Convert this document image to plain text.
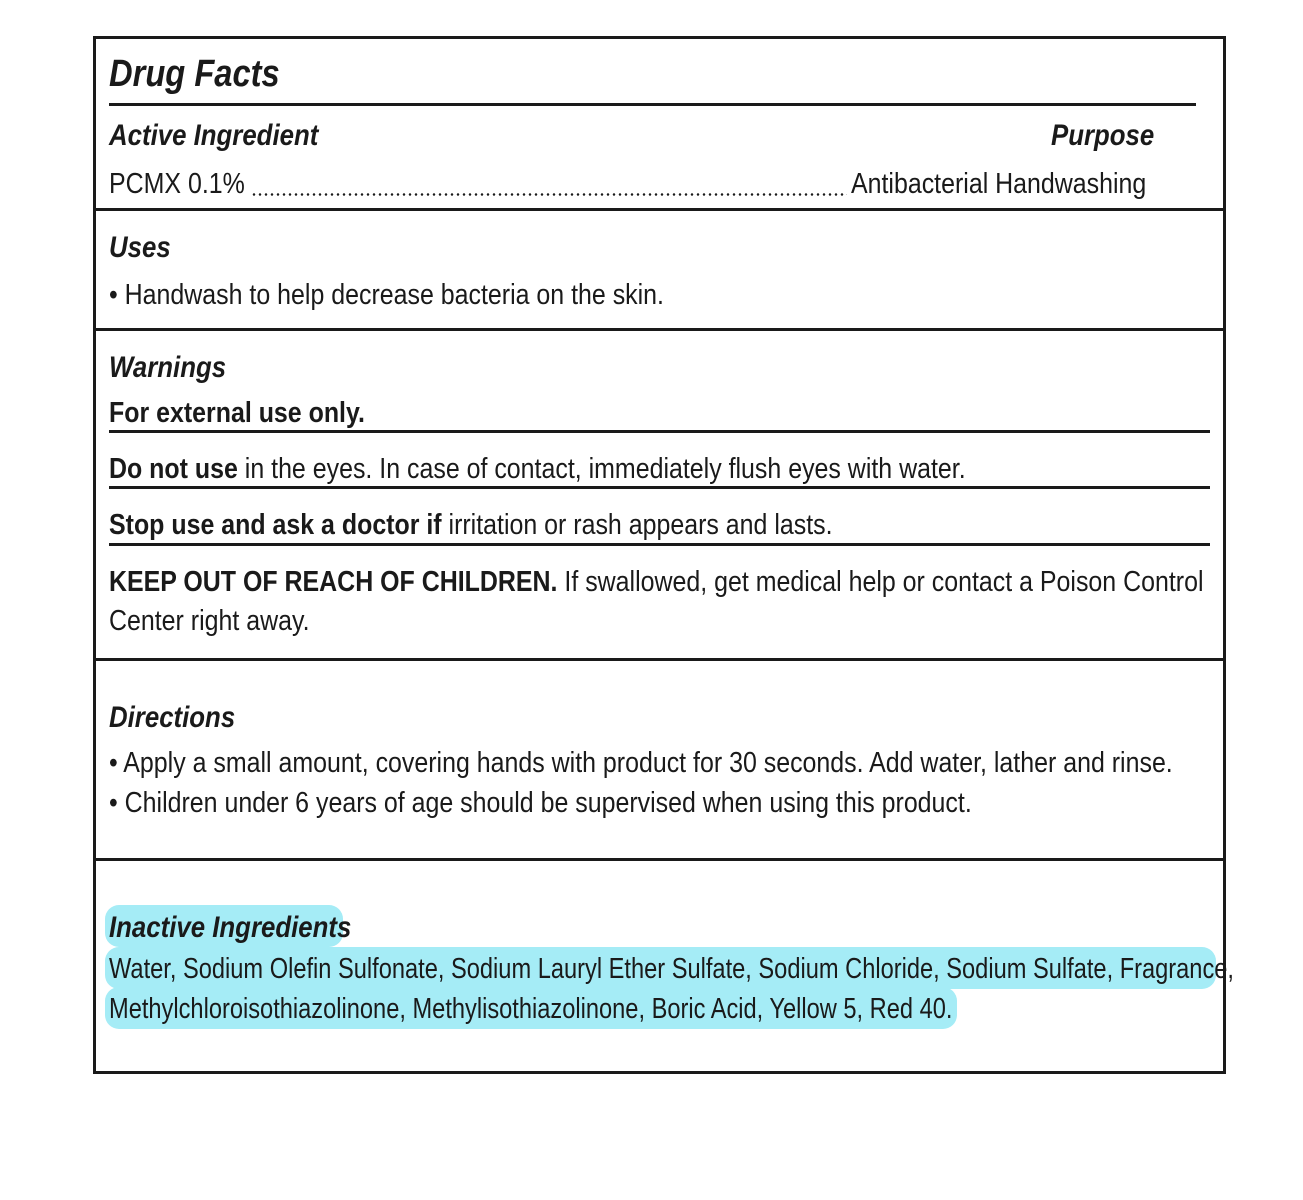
Drug Facts
Active Ingredient	Purpose
PCMX 0.1%	Antibacterial Handwashing
Uses
• Handwash to help decrease bacteria on the skin.
Warnings
For external use only.
Do not use in the eyes. In case of contact, immediately flush eyes with water.
Stop use and ask a doctor if irritation or rash appears and lasts.
KEEP OUT OF REACH OF CHILDREN. If swallowed, get medical help or contact a Poison Control
Center right away.
Directions
• Apply a small amount, covering hands with product for 30 seconds. Add water, lather and rinse.
• Children under 6 years of age should be supervised when using this product.
Inactive Ingredients
Water, Sodium Olefin Sulfonate, Sodium Lauryl Ether Sulfate, Sodium Chloride, Sodium Sulfate, Fragrance,
Methylchloroisothiazolinone, Methylisothiazolinone, Boric Acid, Yellow 5, Red 40.
